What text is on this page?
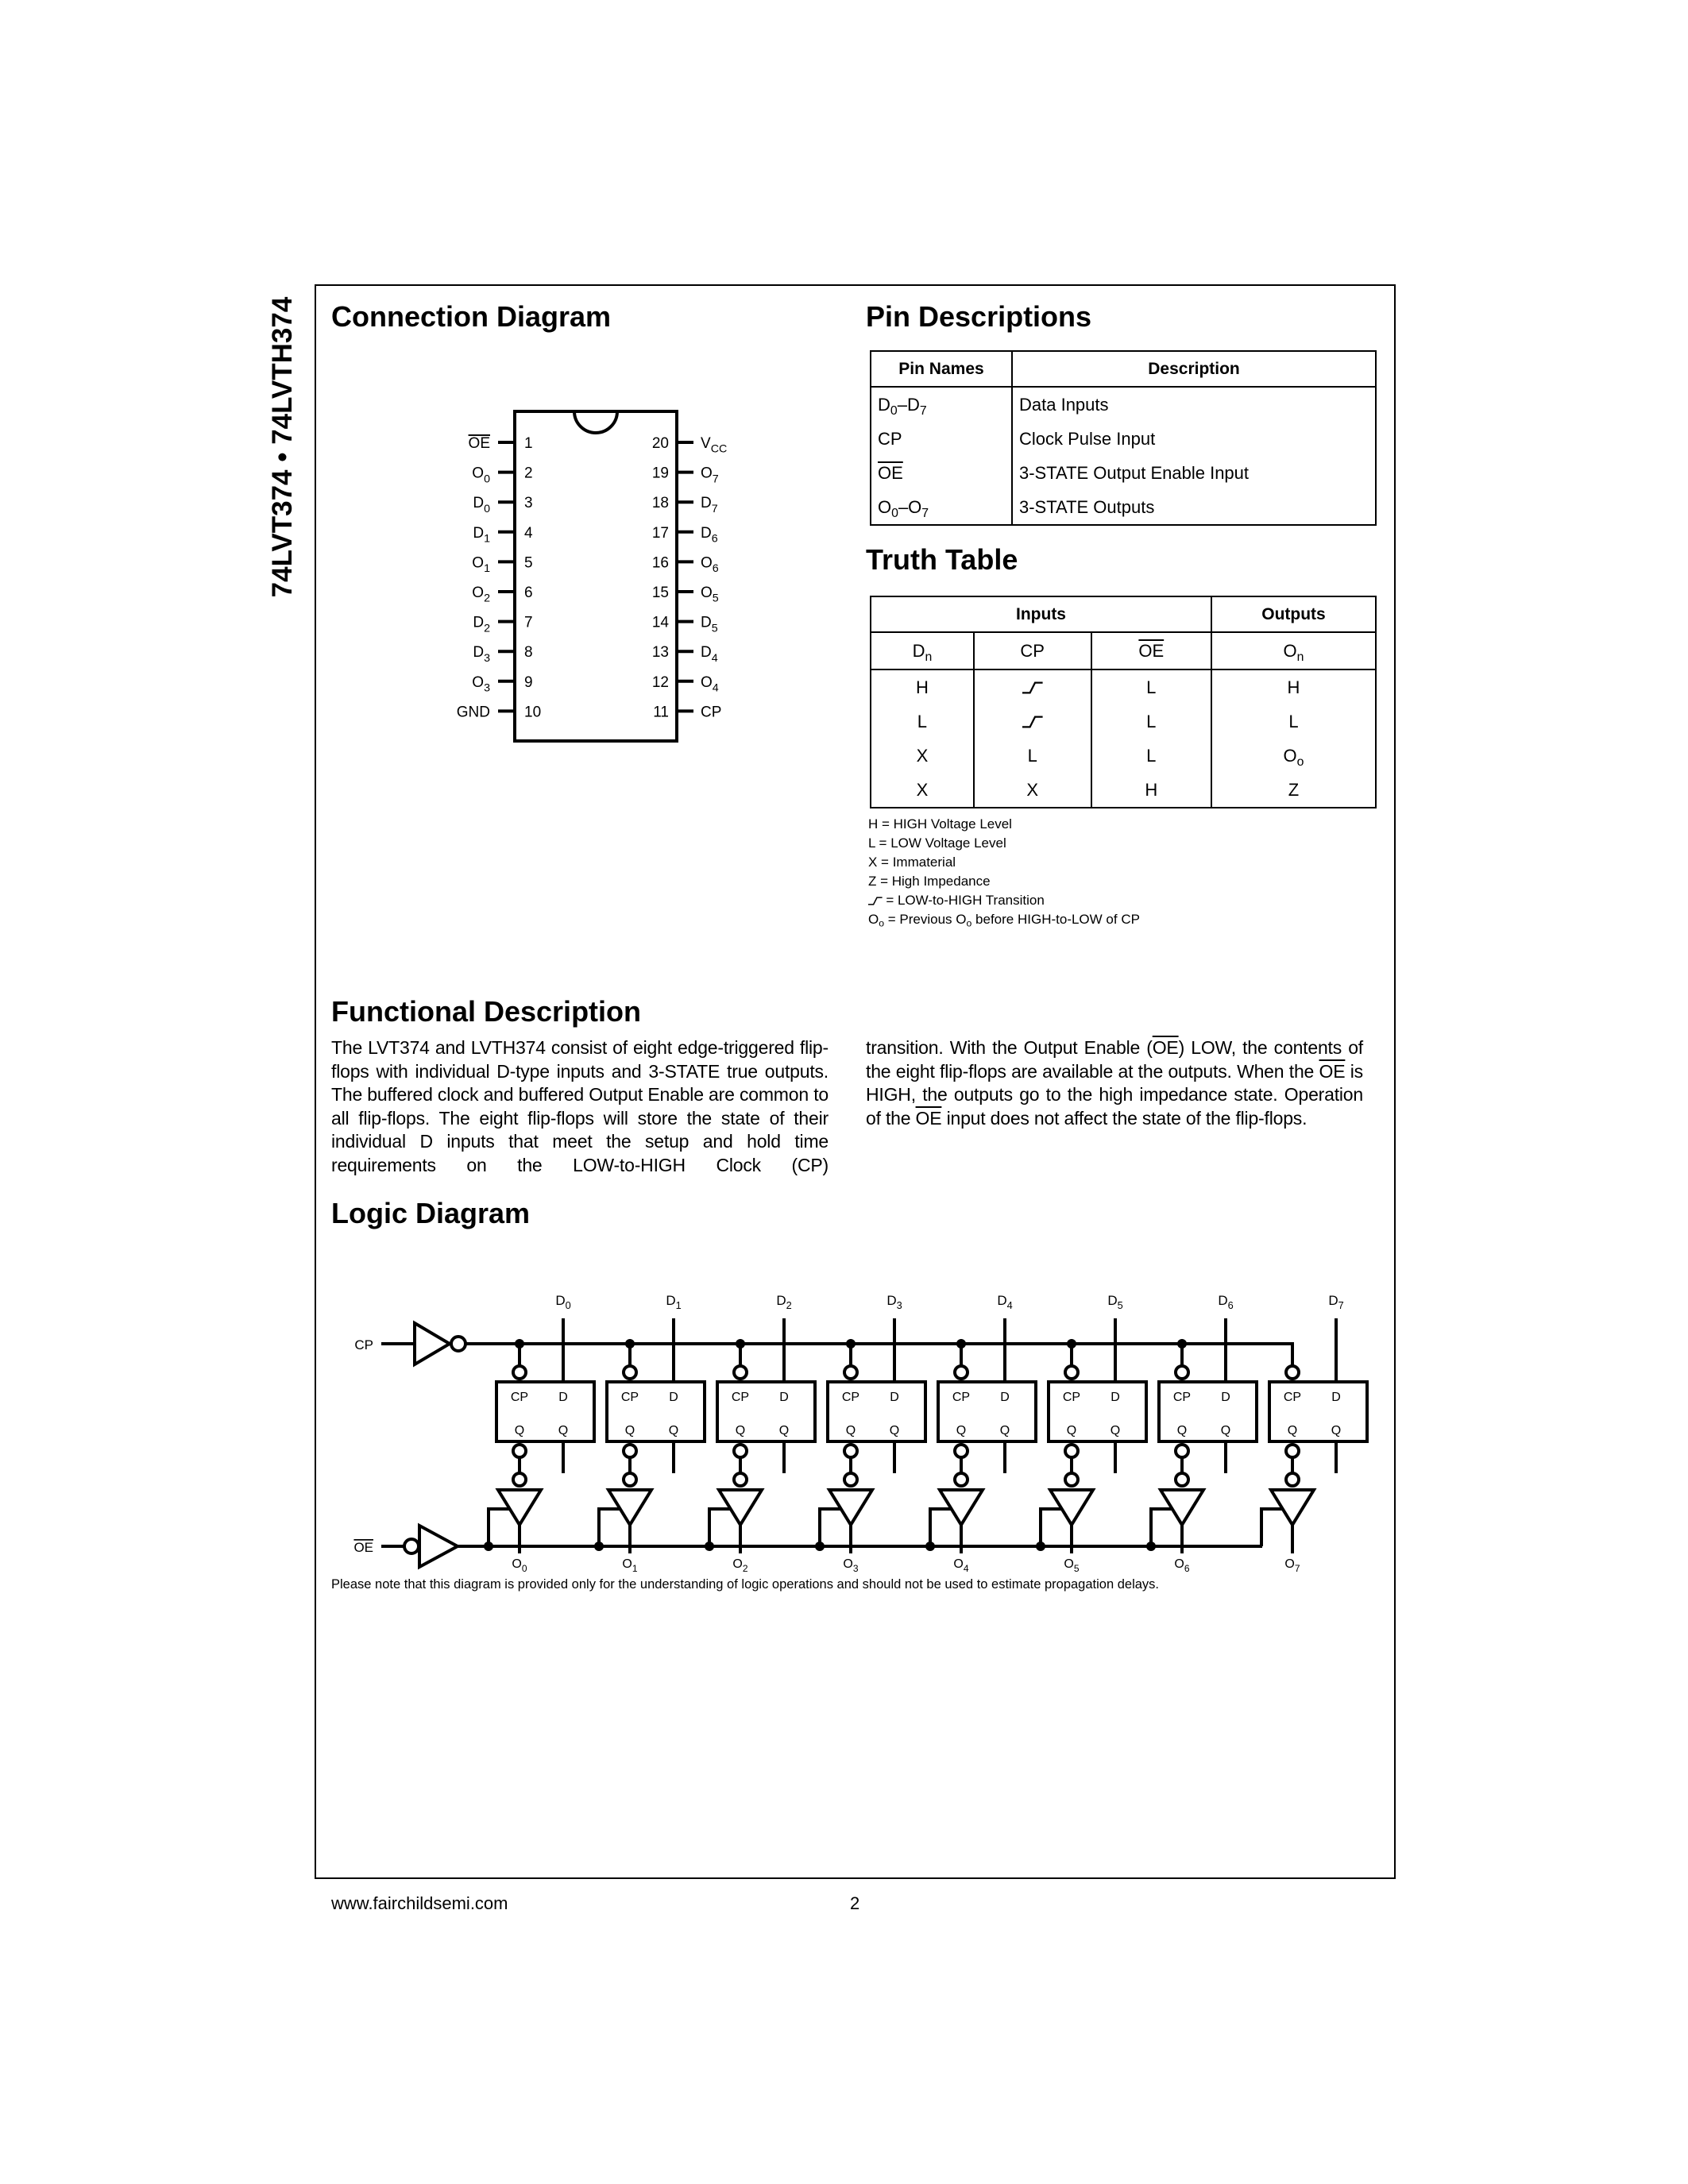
74LVT374 • 74LVTH374 Connection Diagram	Pin Descriptions
Pin Names	Description
$D_0-D_7$	Data Inputs
CP	Clock Pulse Input
$\overline{OE}$	3-STATE Output Enable Input
$O_0-O_7$	3-STATE Outputs
Truth Table
Inputs			Outputs
$D_n$	CP	$\overline{OE}$	$O_n$
H		L	H
L		L	L
X	L	L	$O_o$
X	X	H	Z
H = HIGH Voltage Level
L = LOW Voltage Level
X = Immaterial
Z = High Impedance
= LOW-to-HIGH Transition
$O_o$ = Previous $O_o$ before HIGH-to-LOW of CP
Functional Description
The LVT374 and LVTH374 consist of eight edge-triggered flip-flops with individual D-type inputs and 3-STATE true outputs. The buffered clock and buffered Output Enable are common to all flip-flops. The eight flip-flops will store the state of their individual D inputs that meet the setup and hold time requirements on the LOW-to-HIGH Clock (CP)
transition. With the Output Enable $(\overline{OE})$ LOW, the contents of the eight flip-flops are available at the outputs. When the $\overline{OE}$ is HIGH, the outputs go to the high impedance state. Operation of the $\overline{OE}$ input does not affect the state of the flip-flops.
Logic Diagram
Please note that this diagram is provided only for the understanding of logic operations and should not be used to estimate propagation delays.
www.fairchildsemi.com	2
1
OE
2
$O_0$
3
$D_0$
4
$D_1$
5
$O_1$
6
$O_2$
7
$D_2$
8
$D_3$
9
$O_3$
10
GND
20 $V_{CC}$
19 $O_7$
18 $D_7$
17 $D_6$
16 $O_6$
15 $O_5$
14 $D_5$
13 $D_4$
12 $O_4$
11 CP
CP
OE
$D_0$
CP D
Q	Q
$O_0$
$D_1$
CP D
Q	Q
$O_1$
$D_2$
CP D
Q	Q
$O_2$
$D_3$
CP D
Q	Q
$O_3$
$D_4$
CP D
Q	Q
$O_4$
$D_5$
CP D
Q	Q
$O_5$
$D_6$
CP D
Q	Q
$O_6$
$D_7$
CP D
Q	Q
$O_7$
